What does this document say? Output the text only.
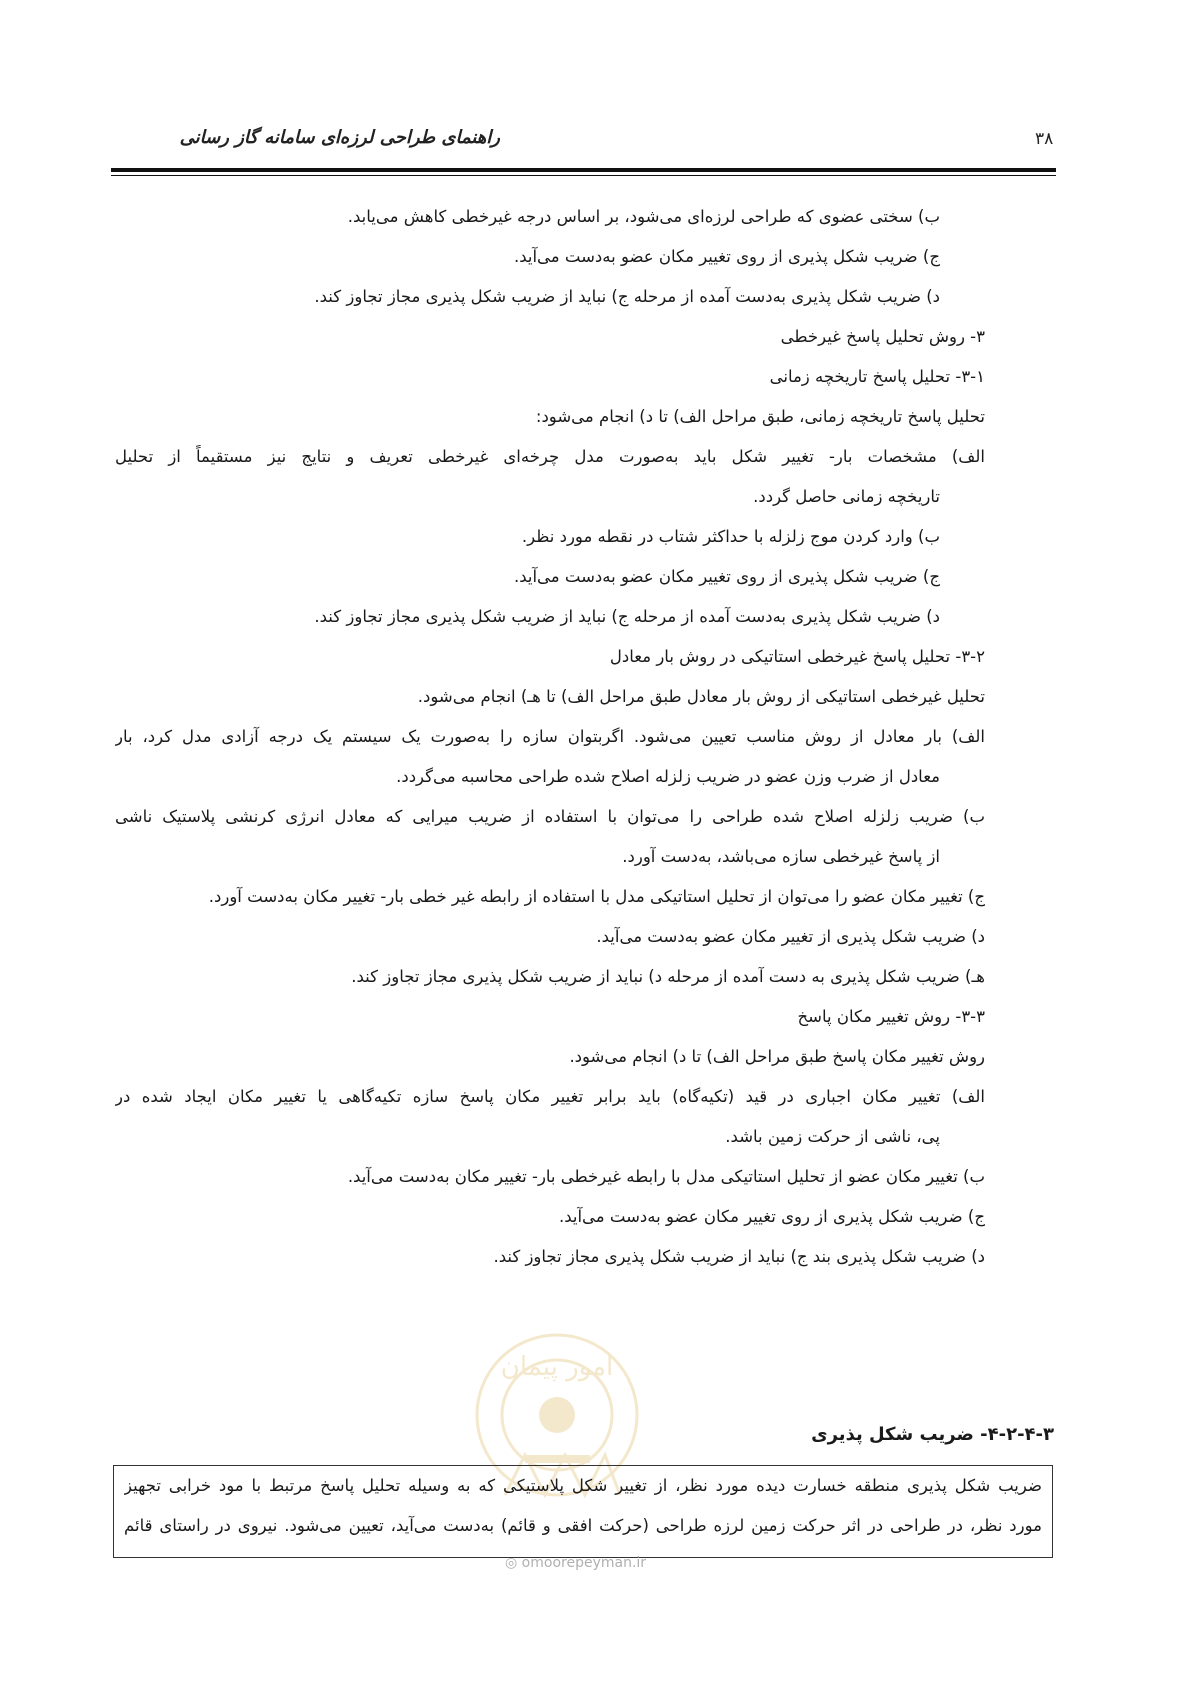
راهنمای طراحی لرزه‌ای سامانه گاز رسانی	۳۸
ب) سختی عضوی که طراحی لرزه‌ای می‌شود، بر اساس درجه غیرخطی کاهش می‌یابد.
ج) ضریب شکل پذیری از روی تغییر مکان عضو به‌دست می‌آید.
د) ضریب شکل پذیری به‌دست آمده از مرحله ج) نباید از ضریب شکل پذیری مجاز تجاوز کند.
۳- روش تحلیل پاسخ غیرخطی
۳-۱- تحلیل پاسخ تاریخچه زمانی
تحلیل پاسخ تاریخچه زمانی، طبق مراحل الف) تا د) انجام می‌شود:
الف) مشخصات بار- تغییر شکل باید به‌صورت مدل چرخه‌ای غیرخطی تعریف و نتایج نیز مستقیماً از تحلیل
تاریخچه زمانی حاصل گردد.
ب) وارد کردن موج زلزله با حداکثر شتاب در نقطه مورد نظر.
ج) ضریب شکل پذیری از روی تغییر مکان عضو به‌دست می‌آید.
د) ضریب شکل پذیری به‌دست آمده از مرحله ج) نباید از ضریب شکل پذیری مجاز تجاوز کند.
۳-۲- تحلیل پاسخ غیرخطی استاتیکی در روش بار معادل
تحلیل غیرخطی استاتیکی از روش بار معادل طبق مراحل الف) تا هـ) انجام می‌شود.
الف) بار معادل از روش مناسب تعیین می‌شود. اگربتوان سازه را به‌صورت یک سیستم یک درجه آزادی مدل کرد، بار
معادل از ضرب وزن عضو در ضریب زلزله اصلاح شده طراحی محاسبه می‌گردد.
ب) ضریب زلزله اصلاح شده طراحی را می‌توان با استفاده از ضریب میرایی که معادل انرژی کرنشی پلاستیک ناشی
از پاسخ غیرخطی سازه می‌باشد، به‌دست آورد.
ج) تغییر مکان عضو را می‌توان از تحلیل استاتیکی مدل با استفاده از رابطه غیر خطی بار- تغییر مکان به‌دست آورد.
د) ضریب شکل پذیری از تغییر مکان عضو به‌دست می‌آید.
هـ) ضریب شکل پذیری به دست آمده از مرحله د) نباید از ضریب شکل پذیری مجاز تجاوز کند.
۳-۳- روش تغییر مکان پاسخ
روش تغییر مکان پاسخ طبق مراحل الف) تا د) انجام می‌شود.
الف) تغییر مکان اجباری در قید (تکیه‌گاه) باید برابر تغییر مکان پاسخ سازه تکیه‌گاهی یا تغییر مکان ایجاد شده در
پی، ناشی از حرکت زمین باشد.
ب) تغییر مکان عضو از تحلیل استاتیکی مدل با رابطه غیرخطی بار- تغییر مکان به‌دست می‌آید.
ج) ضریب شکل پذیری از روی تغییر مکان عضو به‌دست می‌آید.
د) ضریب شکل پذیری بند ج) نباید از ضریب شکل پذیری مجاز تجاوز کند.
امور پیمان
۴-۲-۴-۳- ضریب شکل پذیری
ضریب شکل پذیری منطقه خسارت دیده مورد نظر، از تغییر شکل پلاستیکی که به وسیله تحلیل پاسخ مرتبط با مود خرابی تجهیز
مورد نظر، در طراحی در اثر حرکت زمین لرزه طراحی (حرکت افقی و قائم) به‌دست می‌آید، تعیین می‌شود. نیروی در راستای قائم
◎ omoorepeyman.ir
